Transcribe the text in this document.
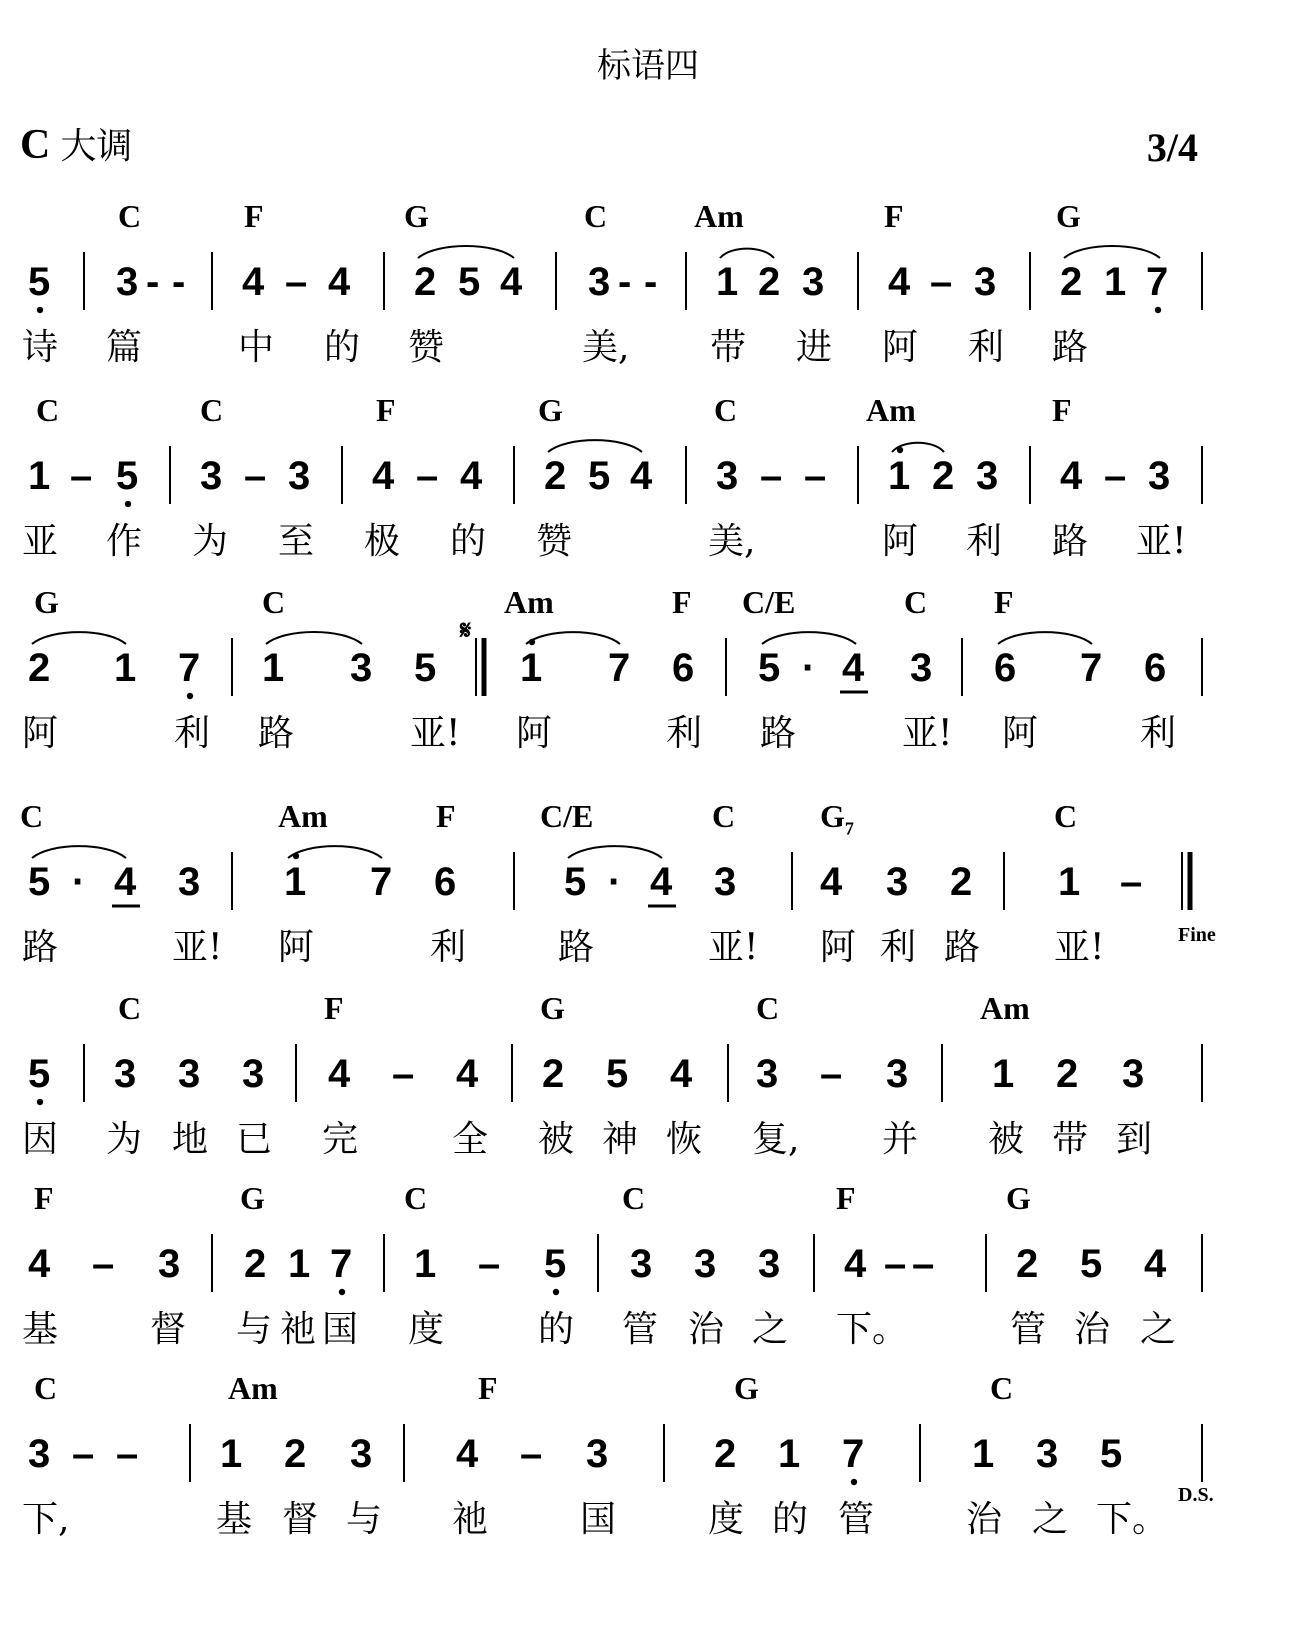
标语四
C 大调	3/4
Fine
D.S.
C	F	G	C	Am	F	G
5 3 - - 4 – 4 2 5 4 3 - - 1 2 3 4 – 3 2 1 7
诗 篇	中 的 赞	美, 带 进 阿 利 路
C	C	F	G	C	Am	F
1 – 5 3 – 3 4 – 4 2 5 4 3 – – 1 2 3 4 – 3
亚 作 为 至 极 的 赞	美,	阿 利 路 亚!
G	C	Am	F C/E	C F
2 1 7 1 3 5 1 7 6 5 · 4 3 6 7 6
𝄋
阿	利 路	亚! 阿	利 路	亚! 阿	利
C	Am	F	C/E	C	$G_7$	C
5 · 4 3 1 7 6	5 · 4 3 4 3 2 1 –
路	亚! 阿	利	路	亚! 阿 利 路 亚!
C	F	G	C	Am
5 3 3 3 4 – 4 2 5 4 3 – 3 1 2 3
因 为 地 已 完	全 被 神 恢 复, 并 被 带 到
F	G	C	C	F	G
4 – 3 2 1 7 1 – 5 3 3 3 4 – – 2 5 4
基	督 与 祂 国 度	的 管 治 之 下。	管 治 之
C	Am	F	G	C
3 – – 1 2 3 4 – 3	2 1 7	1 3 5
下,	基 督 与 祂	国	度 的 管	治 之 下。
